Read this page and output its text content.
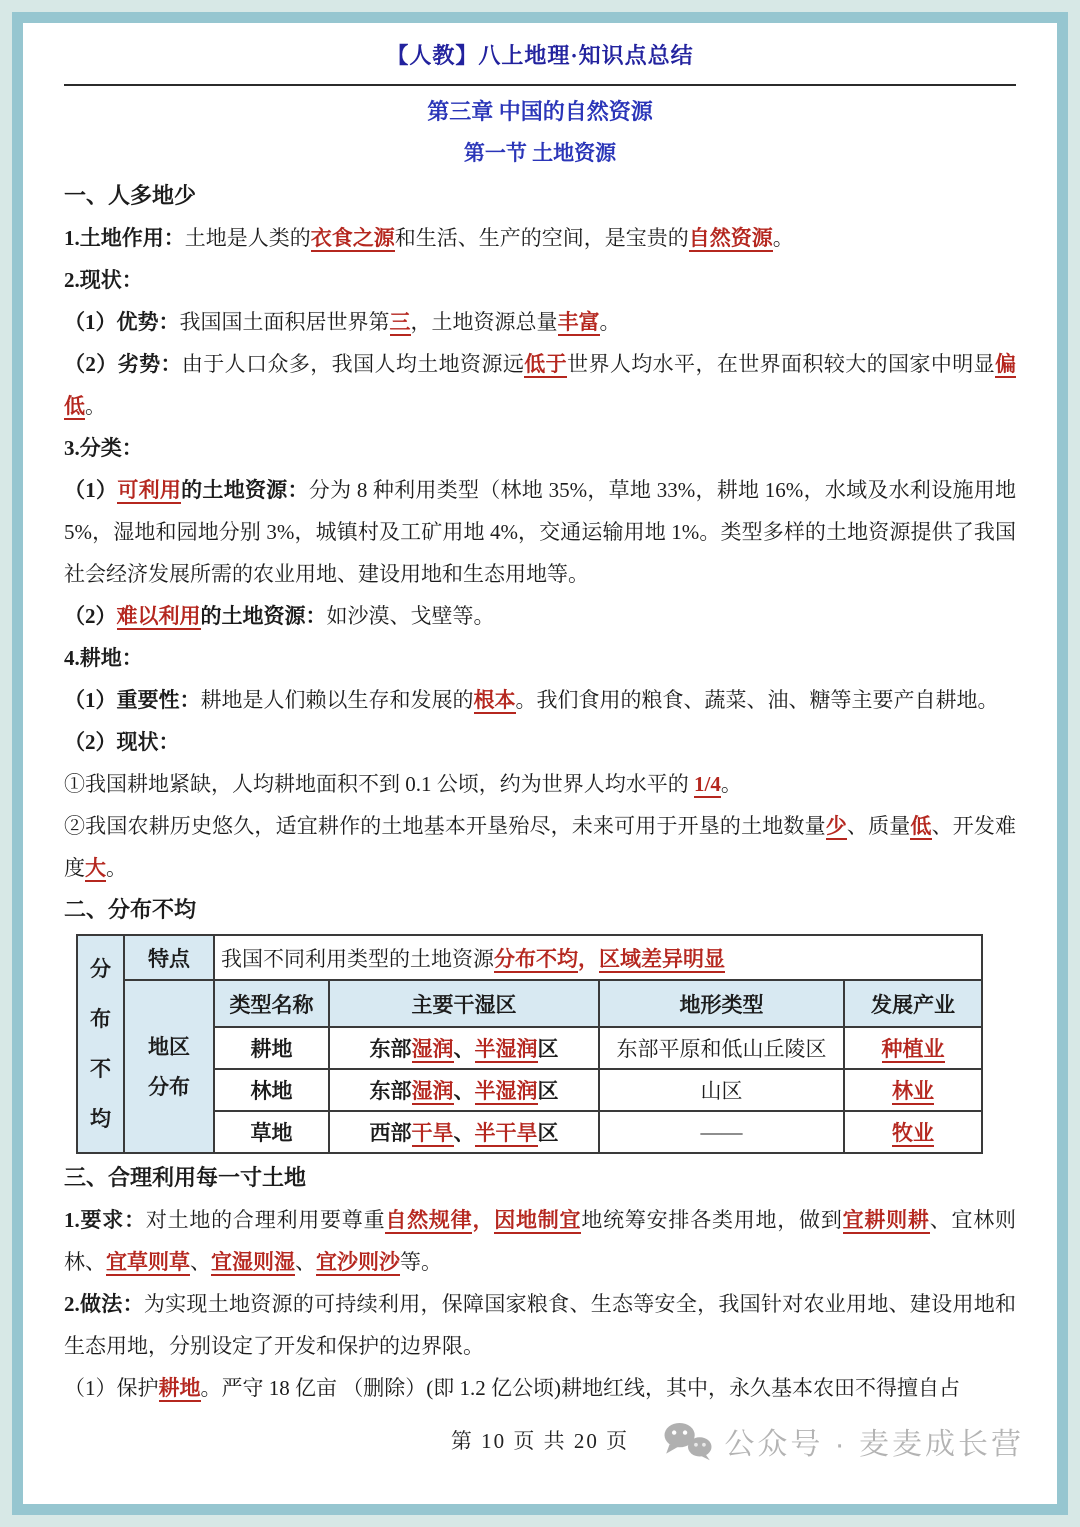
【人教】八上地理·知识点总结
第三章 中国的自然资源
第一节 土地资源
一、人多地少
1.土地作用：土地是人类的衣食之源和生活、生产的空间，是宝贵的自然资源。
2.现状：
（1）优势：我国国土面积居世界第三，土地资源总量丰富。
（2）劣势：由于人口众多，我国人均土地资源远低于世界人均水平，在世界面积较大的国家中明显偏低。
3.分类：
（1）可利用的土地资源：分为 8 种利用类型（林地 35%，草地 33%，耕地 16%，水域及水利设施用地 5%，湿地和园地分别 3%，城镇村及工矿用地 4%，交通运输用地 1%。类型多样的土地资源提供了我国社会经济发展所需的农业用地、建设用地和生态用地等。
（2）难以利用的土地资源：如沙漠、戈壁等。
4.耕地：
（1）重要性：耕地是人们赖以生存和发展的根本。我们食用的粮食、蔬菜、油、糖等主要产自耕地。
（2）现状：
①我国耕地紧缺，人均耕地面积不到 0.1 公顷，约为世界人均水平的 1/4。
②我国农耕历史悠久，适宜耕作的土地基本开垦殆尽，未来可用于开垦的土地数量少、质量低、开发难度大。
二、分布不均
分
布
不
均	特点	我国不同利用类型的土地资源分布不均，区域差异明显			

	地区
分布	类型名称	主要干湿区	地形类型	发展产业
		耕地	东部湿润、半湿润区	东部平原和低山丘陵区	种植业
		林地	东部湿润、半湿润区	山区	林业
		草地	西部干旱、半干旱区	——	牧业
三、合理利用每一寸土地
1.要求：对土地的合理利用要尊重自然规律，因地制宜地统筹安排各类用地，做到宜耕则耕、宜林则林、宜草则草、宜湿则湿、宜沙则沙等。
2.做法：为实现土地资源的可持续利用，保障国家粮食、生态等安全，我国针对农业用地、建设用地和生态用地，分别设定了开发和保护的边界限。
（1）保护耕地。严守 18 亿亩 （删除）(即 1.2 亿公顷)耕地红线，其中，永久基本农田不得擅自占
第 10 页 共 20 页	公众号 · 麦麦成长营
